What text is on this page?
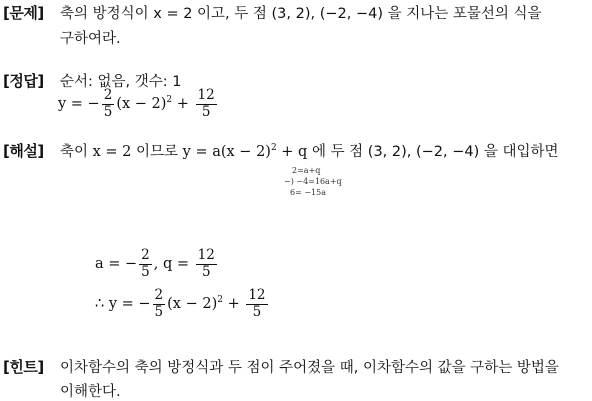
[문제] 축의 방정식이 x = 2 이고, 두 점 (3, 2), (−2, −4) 을 지나는 포물선의 식을
구하여라.
[정답] 순서: 없음, 갯수: 1
y = − $\frac{2}{5} (x - 2)^2 + \frac{12}{5}$
[해설] 축이 x = 2 이므로 $y = a(x - 2)^2 + q$ 에 두 점 (3, 2), (−2, −4) 을 대입하면
2=a+q
−) −4=16a+q
6= −15a
a = − $\frac{2}{5}$ , $q = \frac{12}{5}$
∴ y = − $\frac{2}{5} (x - 2)^2 + \frac{12}{5}$
[힌트] 이차함수의 축의 방정식과 두 점이 주어졌을 때, 이차함수의 값을 구하는 방법을
이해한다.
